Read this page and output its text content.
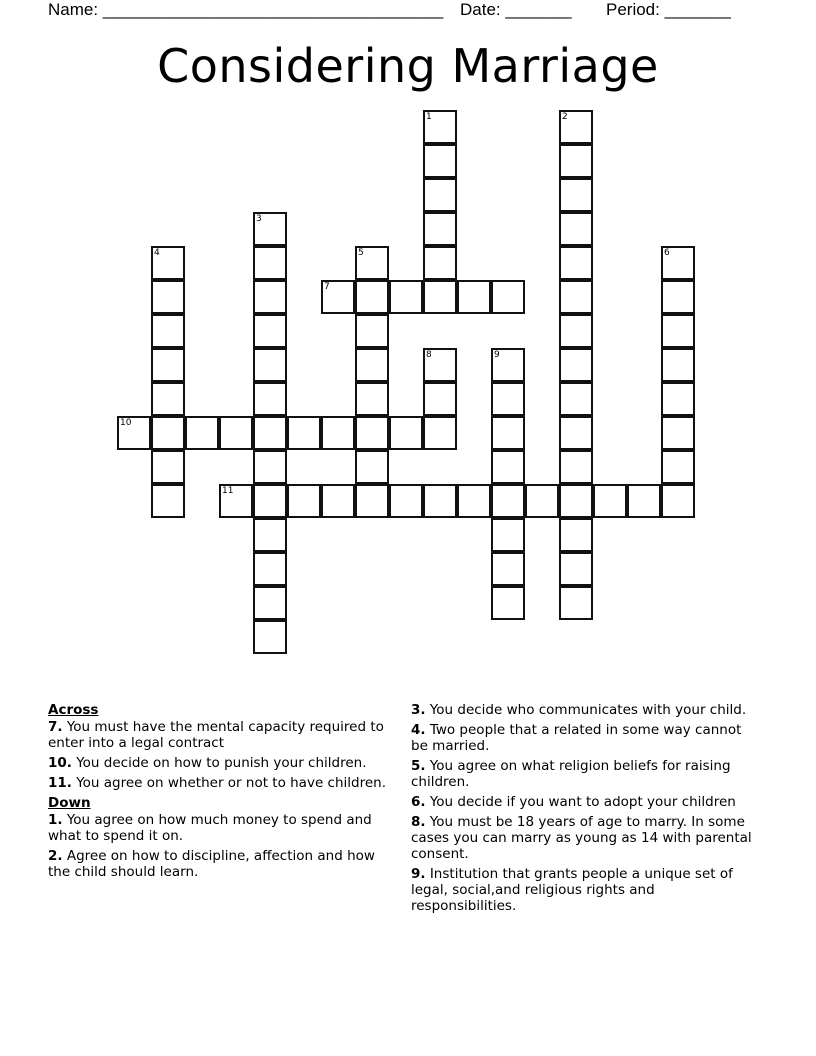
Name: ____________________________________ Date: _______	Period: _______
Considering Marriage
1	2
3
4	5	6
7
8	9
10
11
Across
7. You must have the mental capacity required to enter into a legal contract
10. You decide on how to punish your children.
11. You agree on whether or not to have children.
Down
1. You agree on how much money to spend and what to spend it on.
2. Agree on how to discipline, affection and how the child should learn.
3. You decide who communicates with your child.
4. Two people that a related in some way cannot be married.
5. You agree on what religion beliefs for raising children.
6. You decide if you want to adopt your children
8. You must be 18 years of age to marry. In some cases you can marry as young as 14 with parental consent.
9. Institution that grants people a unique set of legal, social,and religious rights and responsibilities.
